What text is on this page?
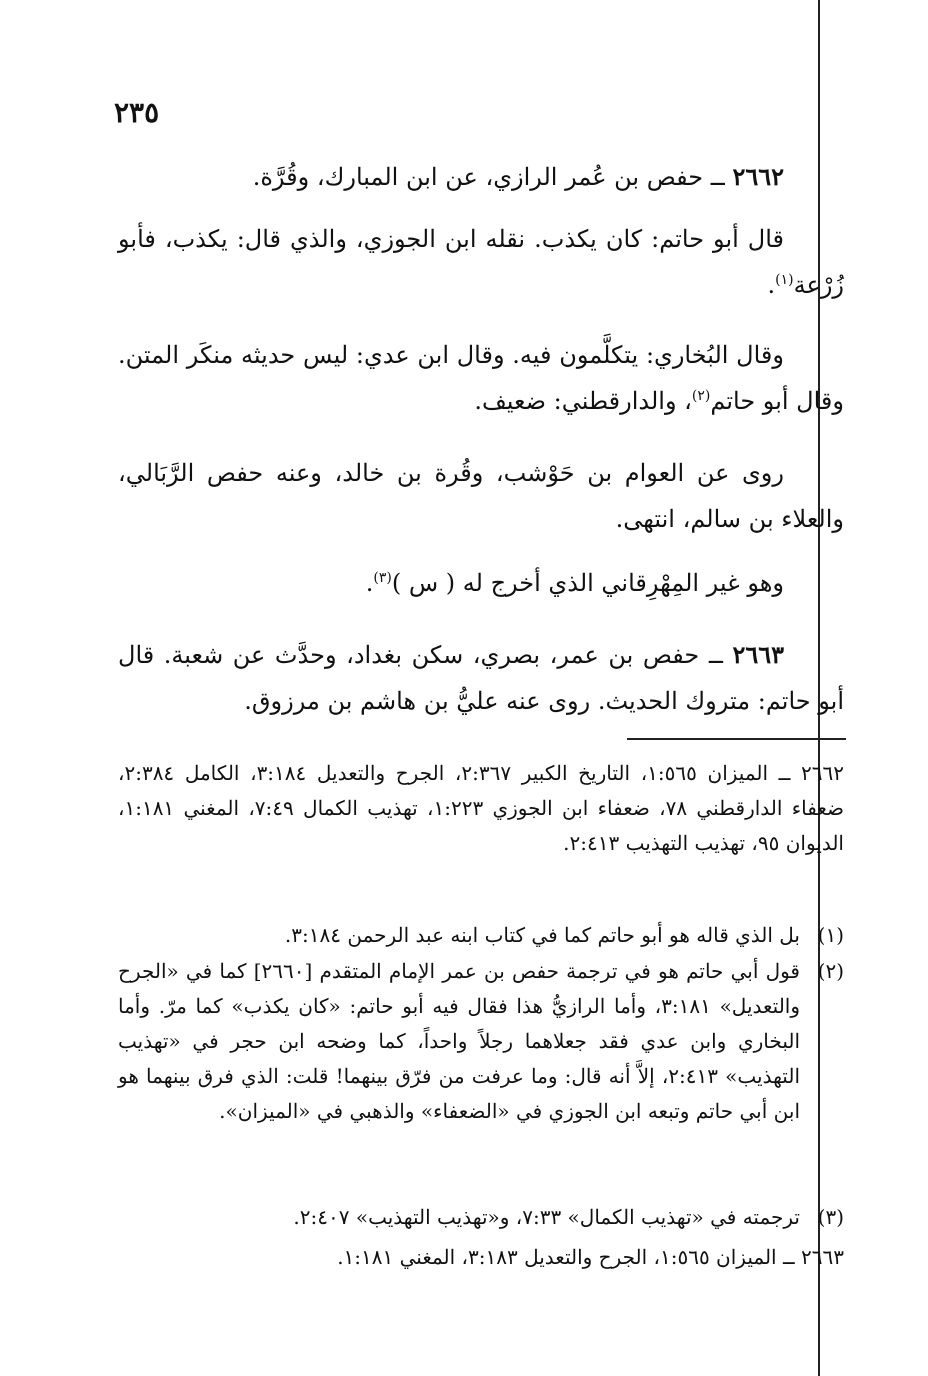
٢٣٥

٢٦٦٢ ــ حفص بن عُمر الرازي، عن ابن المبارك، وقُرَّة.

قال أبو حاتم: كان يكذب. نقله ابن الجوزي، والذي قال: يكذب، فأبو زُرْعة$^{(١)}$.

وقال البُخاري: يتكلَّمون فيه. وقال ابن عدي: ليس حديثه منكَر المتن. وقال أبو حاتم$^{(٢)}$، والدارقطني: ضعيف.

روى عن العوام بن حَوْشب، وقُرة بن خالد، وعنه حفص الرَّبَالي، والعلاء بن سالم، انتهى.

وهو غير المِهْرِقاني الذي أخرج له ( س )$^{(٣)}$.

٢٦٦٣ ــ حفص بن عمر، بصري، سكن بغداد، وحدَّث عن شعبة. قال أبو حاتم: متروك الحديث. روى عنه عليُّ بن هاشم بن مرزوق.

٢٦٦٢ ــ الميزان ١:٥٦٥، التاريخ الكبير ٢:٣٦٧، الجرح والتعديل ٣:١٨٤، الكامل ٢:٣٨٤، ضعفاء الدارقطني ٧٨، ضعفاء ابن الجوزي ١:٢٢٣، تهذيب الكمال ٧:٤٩، المغني ١:١٨١، الديوان ٩٥، تهذيب التهذيب ٢:٤١٣.

(١)
بل الذي قاله هو أبو حاتم كما في كتاب ابنه عبد الرحمن ٣:١٨٤.
(٢)
قول أبي حاتم هو في ترجمة حفص بن عمر الإمام المتقدم [٢٦٦٠] كما في «الجرح والتعديل» ٣:١٨١، وأما الرازيُّ هذا فقال فيه أبو حاتم: «كان يكذب» كما مرّ. وأما البخاري وابن عدي فقد جعلاهما رجلاً واحداً، كما وضحه ابن حجر في «تهذيب التهذيب» ٢:٤١٣، إلاَّ أنه قال: وما عرفت من فرّق بينهما! قلت: الذي فرق بينهما هو ابن أبي حاتم وتبعه ابن الجوزي في «الضعفاء» والذهبي في «الميزان».
(٣)
ترجمته في «تهذيب الكمال» ٧:٣٣، و«تهذيب التهذيب» ٢:٤٠٧.

٢٦٦٣ ــ الميزان ١:٥٦٥، الجرح والتعديل ٣:١٨٣، المغني ١:١٨١.
